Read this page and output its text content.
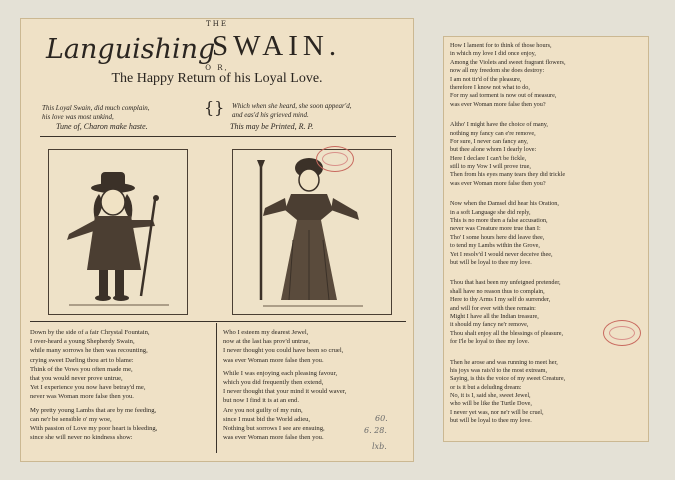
THE
Languishing
SWAIN.
O R,
The Happy Return of his Loyal Love.
This Loyal Swain, did much complain,
his love was most unkind,	{} Which when she heard, she soon appear'd,
and eas'd his grieved mind.
Tune of, Charon make haste.	This may be Printed, R. P.
Down by the side of a fair Chrystal Fountain,
I over-heard a young Shepherdy Swain,
while many sorrows he then was recounting,
crying sweet Darling thou art to blame:
Think of the Vows you often made me,
that you would never prove untrue,
Yet I experience you now have betray'd me,
never was Woman more false then you.
My pretty young Lambs that are by me feeding,
can ne'r be sensible o' my woe,
With passion of Love my poor heart is bleeding,
since she will never no kindness show:
Who I esteem my dearest Jewel,
now at the last has prov'd untrue,
I never thought you could have been so cruel,
was ever Woman more false then you.
While I was enjoying each pleasing favour,
which you did frequently then extend,
I never thought that your mind it would waver,
but now I find it is at an end.
Are you not guilty of my ruin,
since I must bid the World adieu,
Nothing but sorrows I see are ensuing,
was ever Woman more false then you.
60.
6. 28.
lxb.
How I lament for to think of those hours,
in which my love I did once enjoy,
Among the Violets and sweet fragrant flowers,
now all my freedom she does destroy:
I am not tir'd of the pleasure,
therefore I know not what to do,
For my sad torment is now out of measure,
was ever Woman more false then you?
Altho' I might have the choice of many,
nothing my fancy can e're remove,
For sure, I never can fancy any,
but thee alone whom I dearly love:
Here I declare I can't be fickle,
still to my Vow I will prove true,
Then from his eyes many tears they did trickle
was ever Woman more false then you?
Now when the Damsel did hear his Oration,
in a soft Language she did reply,
This is no more then a false accusation,
never was Creature more true than I:
Tho' I some hours here did leave thee,
to tend my Lambs within the Grove,
Yet I resolv'd I would never deceive thee,
but will be loyal to thee my love.
Thou that hast been my unfeigned pretender,
shall have no reason thus to complain,
Here to thy Arms I my self do surrender,
and will for ever with thee remain:
Might I have all the Indian treasure,
it should my fancy ne'r remove,
Thou shalt enjoy all the blessings of pleasure,
for I'le be loyal to thee my love.
Then he arose and was running to meet her,
his joys was rais'd to the most extream,
Saying, is this the voice of my sweet Creature,
or is it but a deluding dream:
No, it is I, said she, sweet Jewel,
who will be like the Turtle Dove,
I never yet was, nor ne'r will be cruel,
but will be loyal to thee my love.
